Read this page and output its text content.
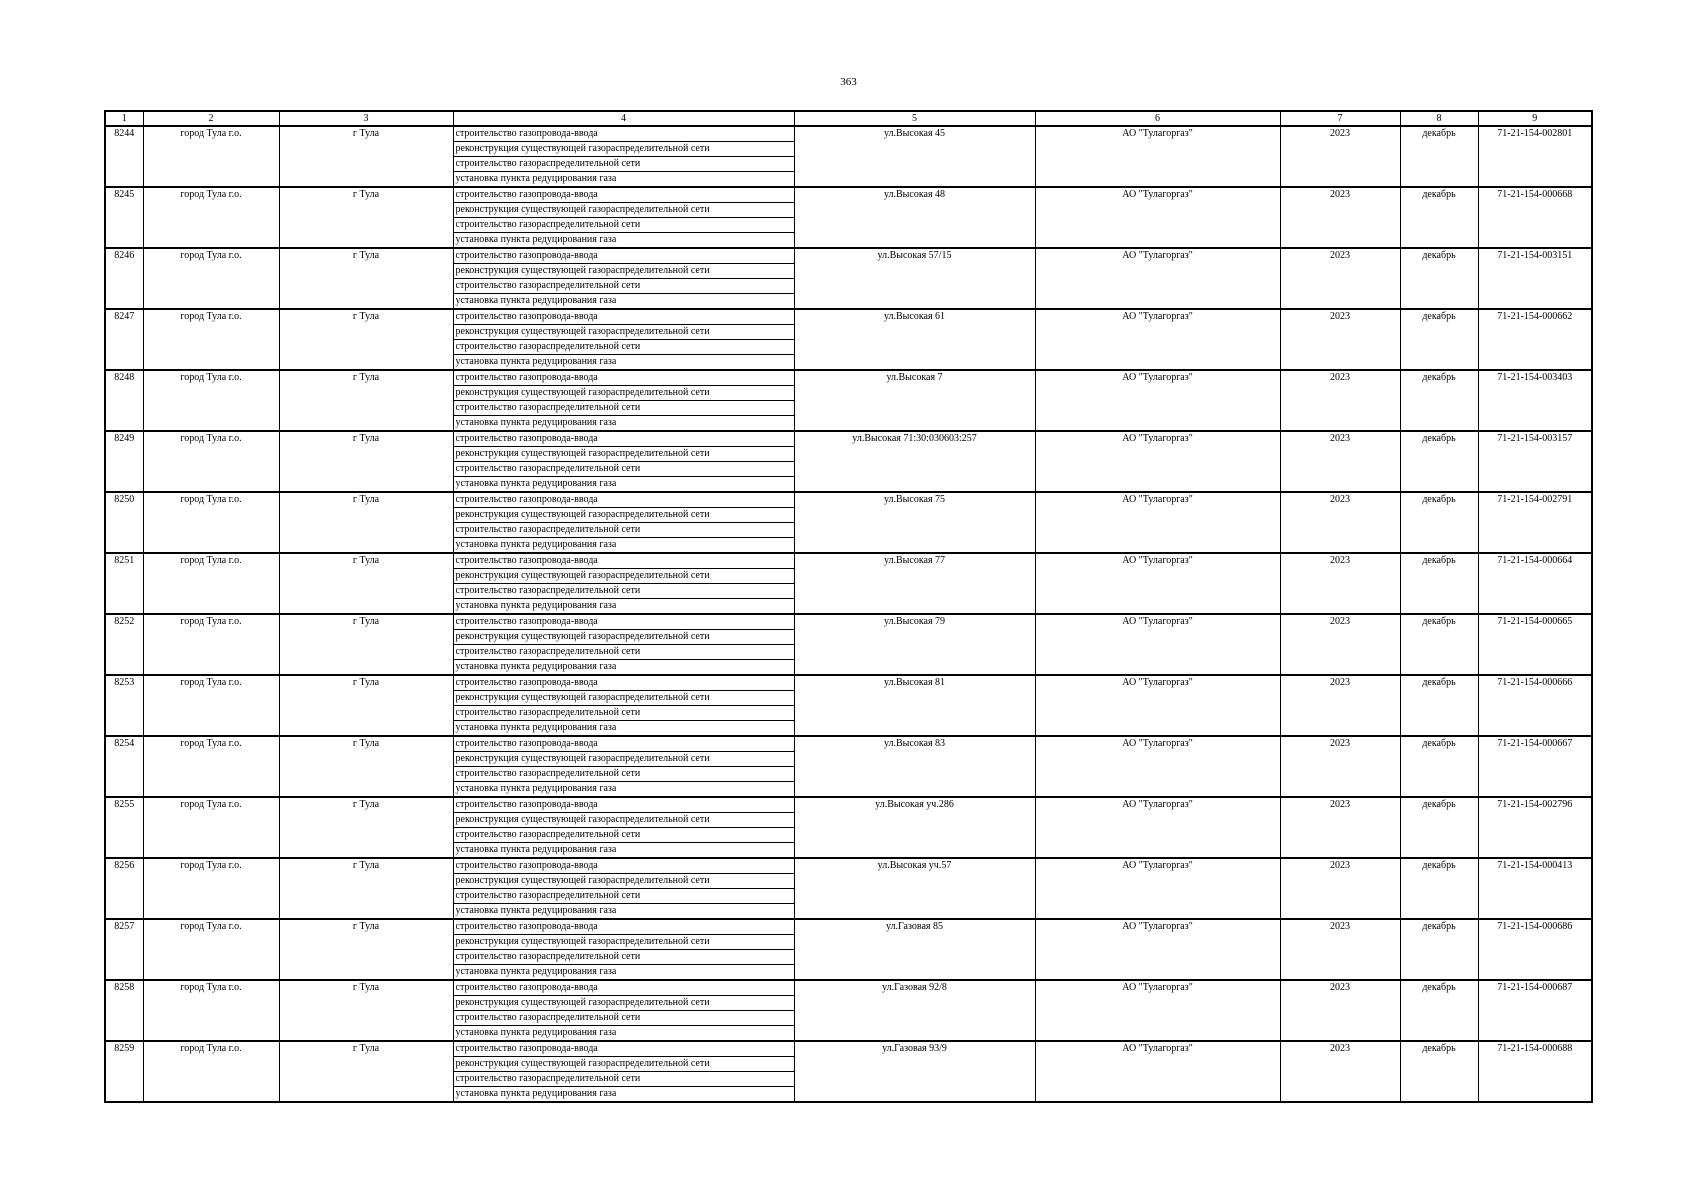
363
1	2	3	4	5	6	7	8	9
8244	город Тула г.о.	г Тула	строительство газопровода-ввода	ул.Высокая 45	АО "Тулагоргаз"	2023	декабрь	71-21-154-002801
			реконструкция существующей газораспределительной сети					
			строительство газораспределительной сети					
			установка пункта редуцирования газа					
8245	город Тула г.о.	г Тула	строительство газопровода-ввода	ул.Высокая 48	АО "Тулагоргаз"	2023	декабрь	71-21-154-000668
			реконструкция существующей газораспределительной сети					
			строительство газораспределительной сети					
			установка пункта редуцирования газа					
8246	город Тула г.о.	г Тула	строительство газопровода-ввода	ул.Высокая 57/15	АО "Тулагоргаз"	2023	декабрь	71-21-154-003151
			реконструкция существующей газораспределительной сети					
			строительство газораспределительной сети					
			установка пункта редуцирования газа					
8247	город Тула г.о.	г Тула	строительство газопровода-ввода	ул.Высокая 61	АО "Тулагоргаз"	2023	декабрь	71-21-154-000662
			реконструкция существующей газораспределительной сети					
			строительство газораспределительной сети					
			установка пункта редуцирования газа					
8248	город Тула г.о.	г Тула	строительство газопровода-ввода	ул.Высокая 7	АО "Тулагоргаз"	2023	декабрь	71-21-154-003403
			реконструкция существующей газораспределительной сети					
			строительство газораспределительной сети					
			установка пункта редуцирования газа					
8249	город Тула г.о.	г Тула	строительство газопровода-ввода	ул.Высокая 71:30:030603:257	АО "Тулагоргаз"	2023	декабрь	71-21-154-003157
			реконструкция существующей газораспределительной сети					
			строительство газораспределительной сети					
			установка пункта редуцирования газа					
8250	город Тула г.о.	г Тула	строительство газопровода-ввода	ул.Высокая 75	АО "Тулагоргаз"	2023	декабрь	71-21-154-002791
			реконструкция существующей газораспределительной сети					
			строительство газораспределительной сети					
			установка пункта редуцирования газа					
8251	город Тула г.о.	г Тула	строительство газопровода-ввода	ул.Высокая 77	АО "Тулагоргаз"	2023	декабрь	71-21-154-000664
			реконструкция существующей газораспределительной сети					
			строительство газораспределительной сети					
			установка пункта редуцирования газа					
8252	город Тула г.о.	г Тула	строительство газопровода-ввода	ул.Высокая 79	АО "Тулагоргаз"	2023	декабрь	71-21-154-000665
			реконструкция существующей газораспределительной сети					
			строительство газораспределительной сети					
			установка пункта редуцирования газа					
8253	город Тула г.о.	г Тула	строительство газопровода-ввода	ул.Высокая 81	АО "Тулагоргаз"	2023	декабрь	71-21-154-000666
			реконструкция существующей газораспределительной сети					
			строительство газораспределительной сети					
			установка пункта редуцирования газа					
8254	город Тула г.о.	г Тула	строительство газопровода-ввода	ул.Высокая 83	АО "Тулагоргаз"	2023	декабрь	71-21-154-000667
			реконструкция существующей газораспределительной сети					
			строительство газораспределительной сети					
			установка пункта редуцирования газа					
8255	город Тула г.о.	г Тула	строительство газопровода-ввода	ул.Высокая уч.286	АО "Тулагоргаз"	2023	декабрь	71-21-154-002796
			реконструкция существующей газораспределительной сети					
			строительство газораспределительной сети					
			установка пункта редуцирования газа					
8256	город Тула г.о.	г Тула	строительство газопровода-ввода	ул.Высокая уч.57	АО "Тулагоргаз"	2023	декабрь	71-21-154-000413
			реконструкция существующей газораспределительной сети					
			строительство газораспределительной сети					
			установка пункта редуцирования газа					
8257	город Тула г.о.	г Тула	строительство газопровода-ввода	ул.Газовая 85	АО "Тулагоргаз"	2023	декабрь	71-21-154-000686
			реконструкция существующей газораспределительной сети					
			строительство газораспределительной сети					
			установка пункта редуцирования газа					
8258	город Тула г.о.	г Тула	строительство газопровода-ввода	ул.Газовая 92/8	АО "Тулагоргаз"	2023	декабрь	71-21-154-000687
			реконструкция существующей газораспределительной сети					
			строительство газораспределительной сети					
			установка пункта редуцирования газа					
8259	город Тула г.о.	г Тула	строительство газопровода-ввода	ул.Газовая 93/9	АО "Тулагоргаз"	2023	декабрь	71-21-154-000688
			реконструкция существующей газораспределительной сети					
			строительство газораспределительной сети					
			установка пункта редуцирования газа					
